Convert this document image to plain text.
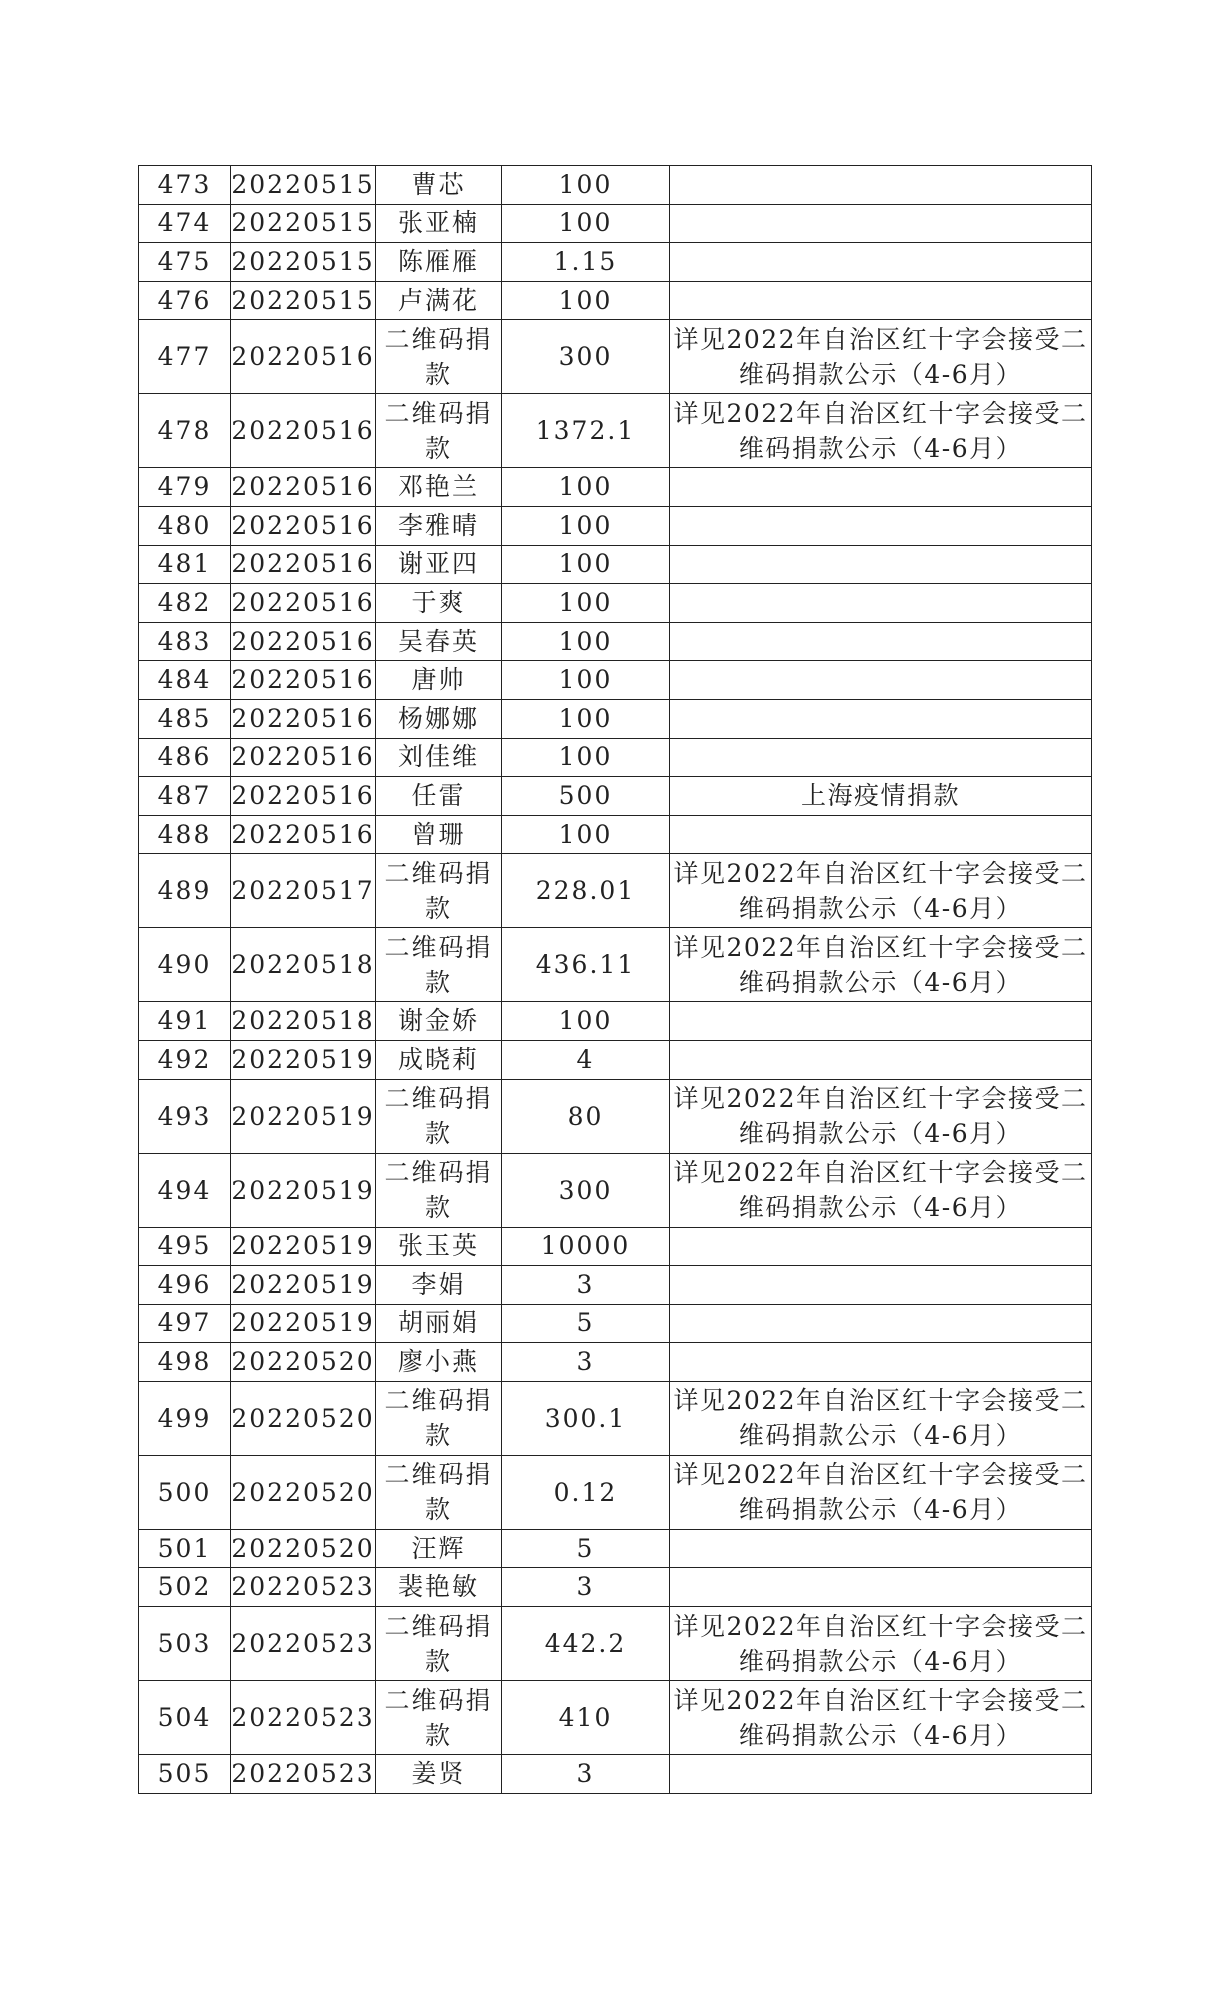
473	20220515	曹芯	100	
474	20220515	张亚楠	100	
475	20220515	陈雁雁	1.15	
476	20220515	卢满花	100	
477	20220516	二维码捐款	300	详见2022年自治区红十字会接受二维码捐款公示（4-6月）
478	20220516	二维码捐款	1372.1	详见2022年自治区红十字会接受二维码捐款公示（4-6月）
479	20220516	邓艳兰	100	
480	20220516	李雅晴	100	
481	20220516	谢亚四	100	
482	20220516	于爽	100	
483	20220516	吴春英	100	
484	20220516	唐帅	100	
485	20220516	杨娜娜	100	
486	20220516	刘佳维	100	
487	20220516	任雷	500	上海疫情捐款
488	20220516	曾珊	100	
489	20220517	二维码捐款	228.01	详见2022年自治区红十字会接受二维码捐款公示（4-6月）
490	20220518	二维码捐款	436.11	详见2022年自治区红十字会接受二维码捐款公示（4-6月）
491	20220518	谢金娇	100	
492	20220519	成晓莉	4	
493	20220519	二维码捐款	80	详见2022年自治区红十字会接受二维码捐款公示（4-6月）
494	20220519	二维码捐款	300	详见2022年自治区红十字会接受二维码捐款公示（4-6月）
495	20220519	张玉英	10000	
496	20220519	李娟	3	
497	20220519	胡丽娟	5	
498	20220520	廖小燕	3	
499	20220520	二维码捐款	300.1	详见2022年自治区红十字会接受二维码捐款公示（4-6月）
500	20220520	二维码捐款	0.12	详见2022年自治区红十字会接受二维码捐款公示（4-6月）
501	20220520	汪辉	5	
502	20220523	裴艳敏	3	
503	20220523	二维码捐款	442.2	详见2022年自治区红十字会接受二维码捐款公示（4-6月）
504	20220523	二维码捐款	410	详见2022年自治区红十字会接受二维码捐款公示（4-6月）
505	20220523	姜贤	3	
